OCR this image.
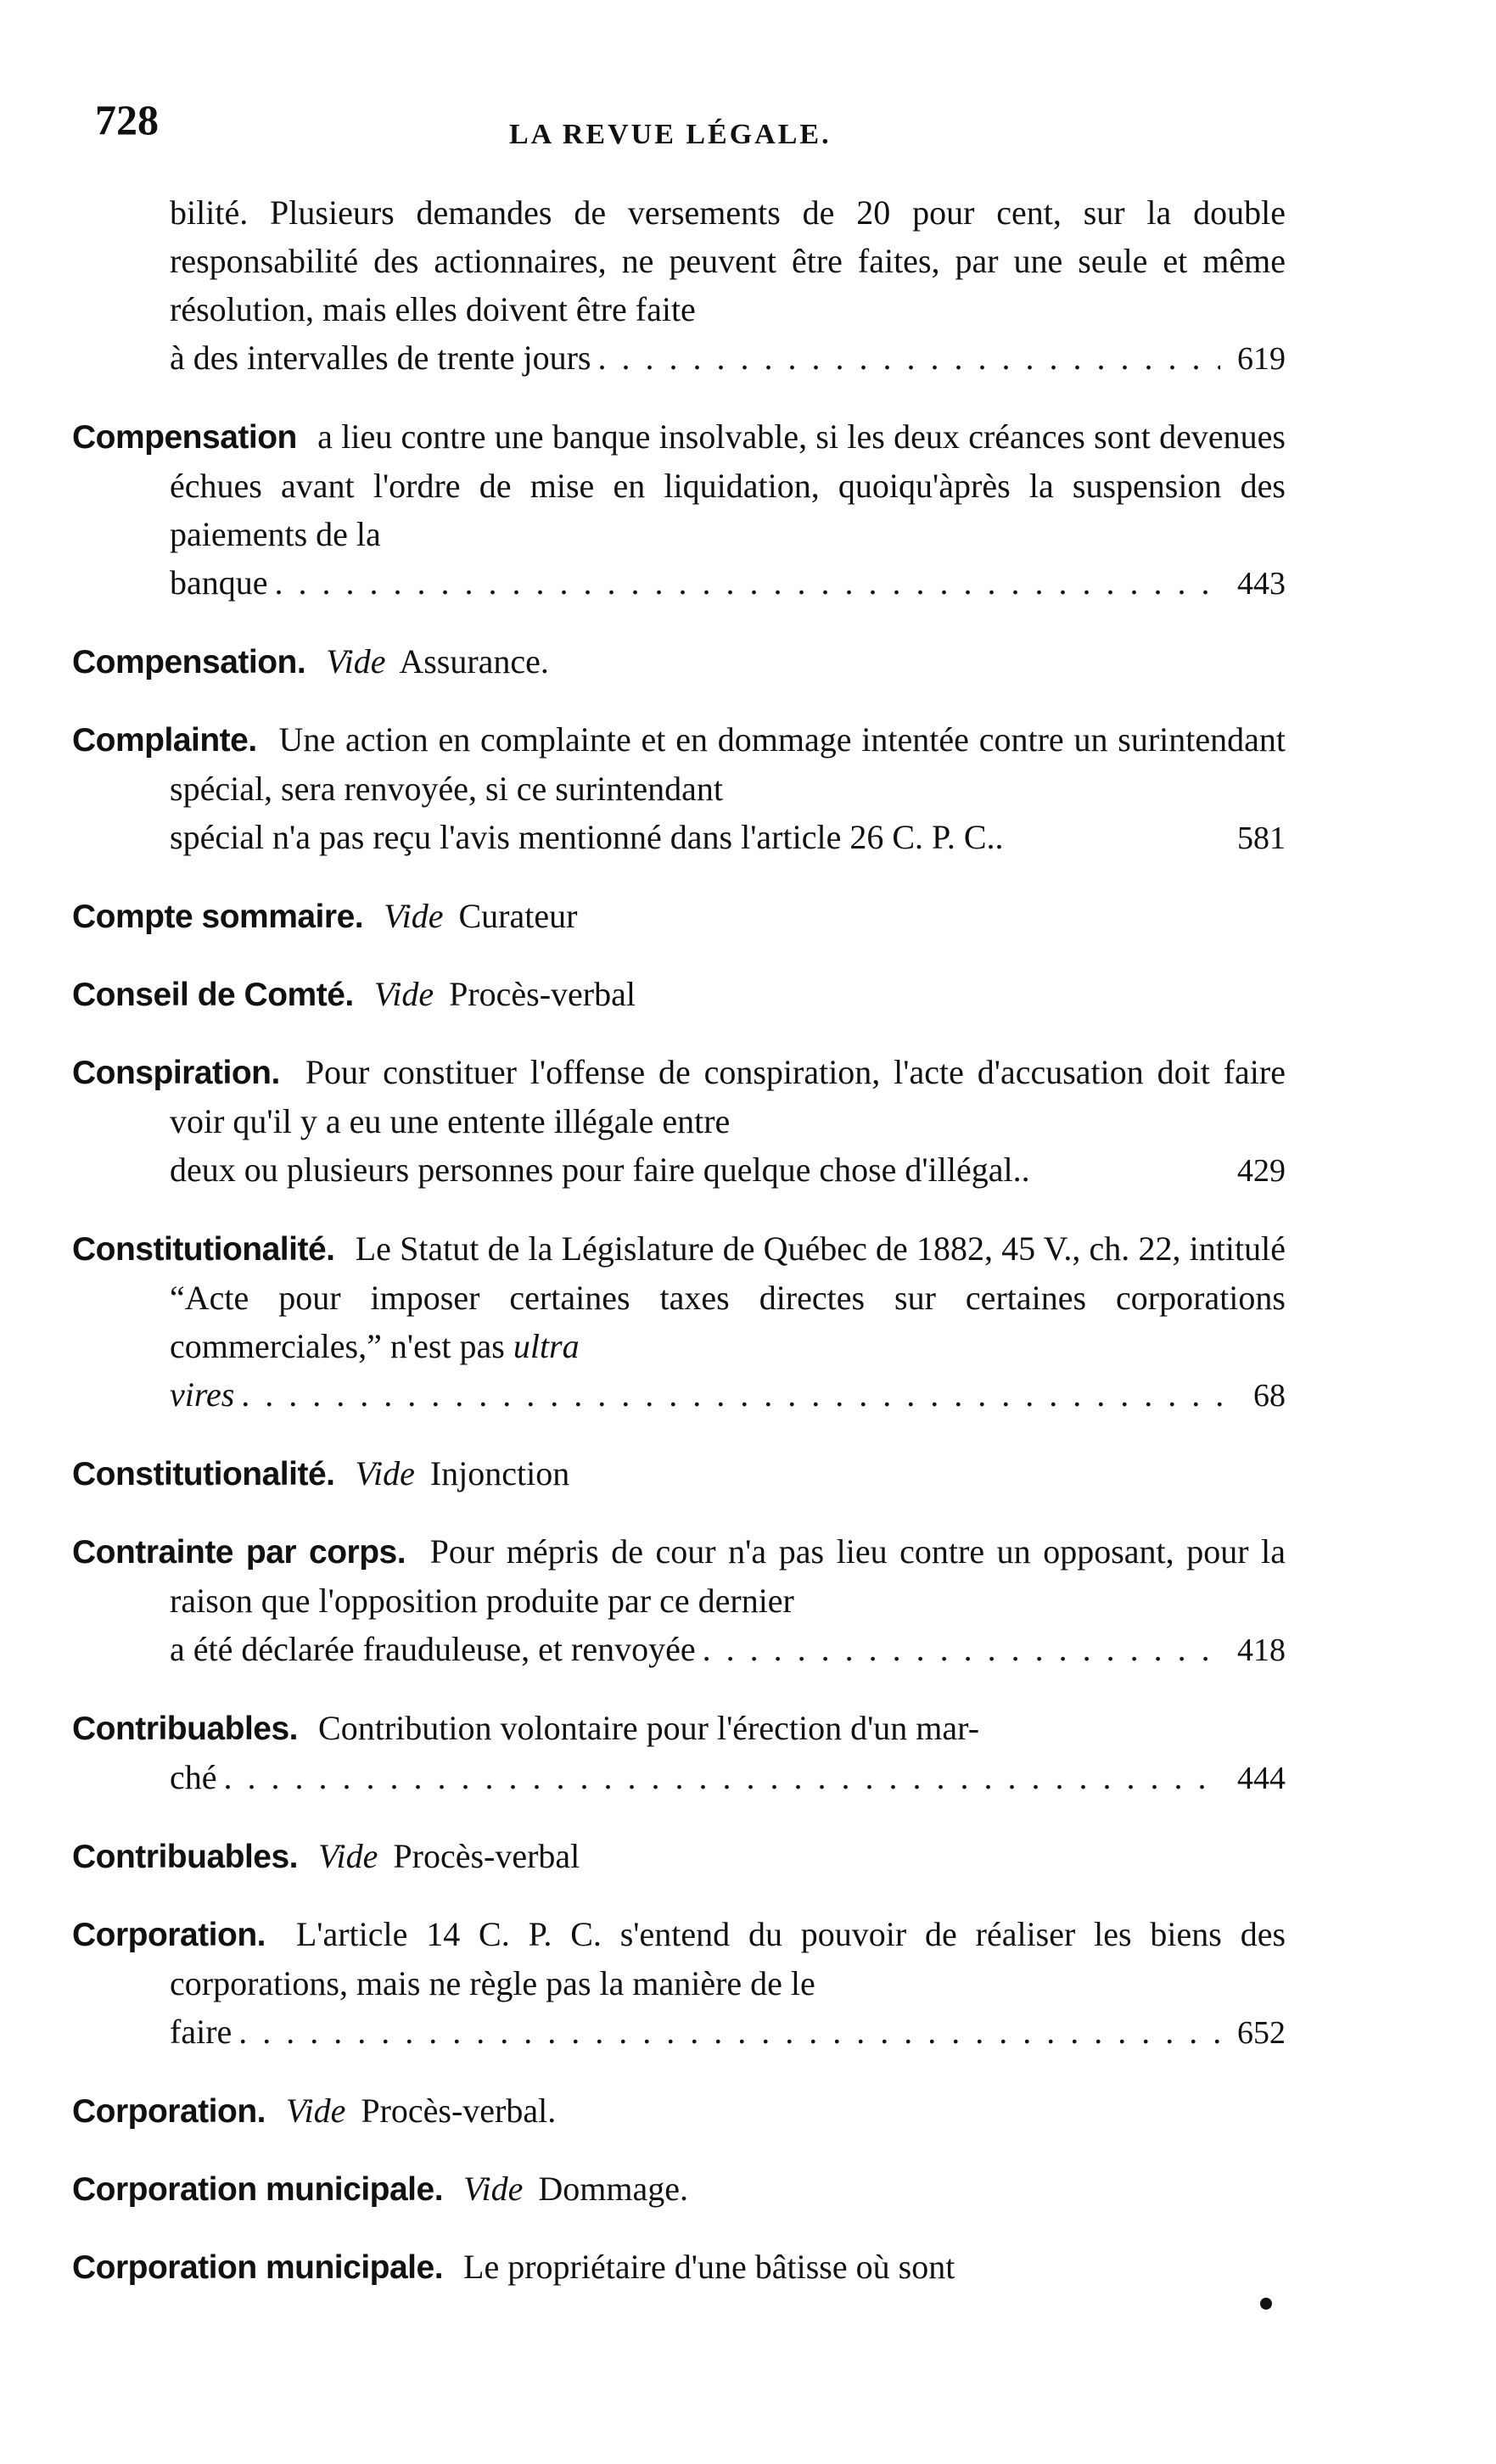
728	LA REVUE LÉGALE.
bilité. Plusieurs demandes de versements de 20 pour cent, sur la double responsabilité des actionnaires, ne peuvent être faites, par une seule et même résolution, mais elles doivent être faite
à des intervalles de trente jours . . .	619
Compensation a lieu contre une banque insolvable, si les deux créances sont devenues échues avant l'ordre de mise en liquidation, quoiqu'àprès la suspension des paiements de la
banque . . .	443
Compensation. Vide Assurance.
Complainte. Une action en complainte et en dommage intentée contre un surintendant spécial, sera renvoyée, si ce surintendant
spécial n'a pas reçu l'avis mentionné dans l'article 26 C. P. C..	581
Compte sommaire. Vide Curateur
Conseil de Comté. Vide Procès-verbal
Conspiration. Pour constituer l'offense de conspiration, l'acte d'accusation doit faire voir qu'il y a eu une entente illégale entre
deux ou plusieurs personnes pour faire quelque chose d'illégal..	429
Constitutionalité. Le Statut de la Législature de Québec de 1882, 45 V., ch. 22, intitulé “Acte pour imposer certaines taxes directes sur certaines corporations commerciales,” n'est pas ultra
vires . . .	68
Constitutionalité. Vide Injonction
Contrainte par corps. Pour mépris de cour n'a pas lieu contre un opposant, pour la raison que l'opposition produite par ce dernier
a été déclarée frauduleuse, et renvoyée . . .	418
Contribuables. Contribution volontaire pour l'érection d'un mar-
ché . . .	444
Contribuables. Vide Procès-verbal
Corporation. L'article 14 C. P. C. s'entend du pouvoir de réaliser les biens des corporations, mais ne règle pas la manière de le
faire . . .	652
Corporation. Vide Procès-verbal.
Corporation municipale. Vide Dommage.
Corporation municipale. Le propriétaire d'une bâtisse où sont
